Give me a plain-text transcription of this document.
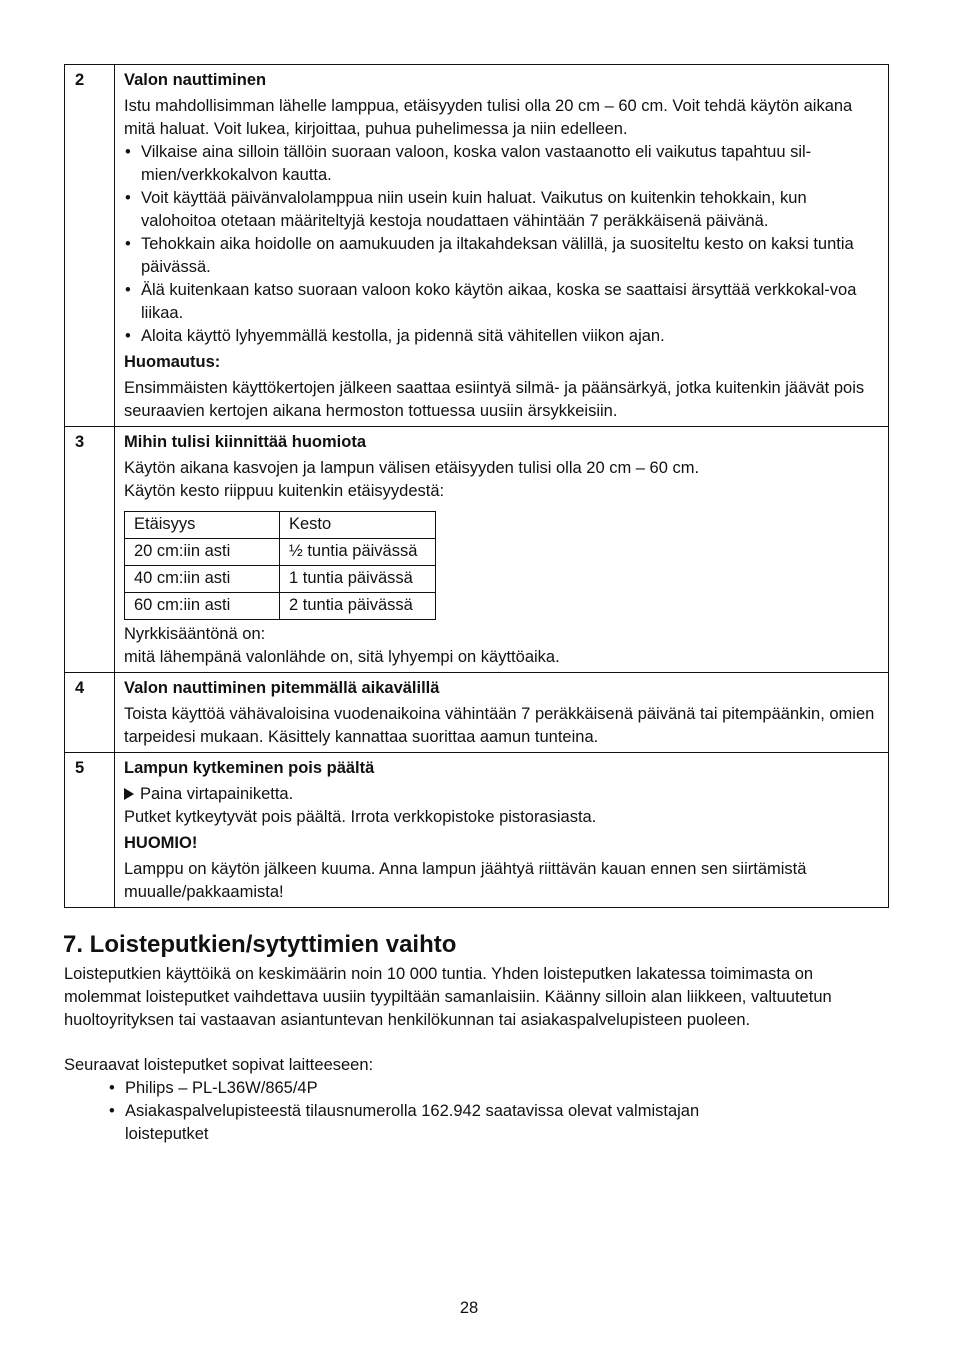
2	Valon nauttiminen

Istu mahdollisimman lähelle lamppua, etäisyyden tulisi olla 20 cm – 60 cm. Voit tehdä käytön aikana mitä haluat. Voit lukea, kirjoittaa, puhua puhelimessa ja niin edelleen.

• Vilkaise aina silloin tällöin suoraan valoon, koska valon vastaanotto eli vaikutus tapahtuu sil-mien/verkkokalvon kautta.
• Voit käyttää päivänvalolamppua niin usein kuin haluat. Vaikutus on kuitenkin tehokkain, kun valohoitoa otetaan määriteltyjä kestoja noudattaen vähintään 7 peräkkäisenä päivänä.
• Tehokkain aika hoidolle on aamukuuden ja iltakahdeksan välillä, ja suositeltu kesto on kaksi tuntia päivässä.
• Älä kuitenkaan katso suoraan valoon koko käytön aikaa, koska se saattaisi ärsyttää verkkokal-voa liikaa.
• Aloita käyttö lyhyemmällä kestolla, ja pidennä sitä vähitellen viikon ajan.
Huomautus:

Ensimmäisten käyttökertojen jälkeen saattaa esiintyä silmä- ja päänsärkyä, jotka kuitenkin jäävät pois seuraavien kertojen aikana hermoston tottuessa uusiin ärsykkeisiin.

3	Mihin tulisi kiinnittää huomiota

Käytön aikana kasvojen ja lampun välisen etäisyyden tulisi olla 20 cm – 60 cm.

Käytön kesto riippuu kuitenkin etäisyydestä:

Etäisyys	Kesto
20 cm:iin asti	½ tuntia päivässä
40 cm:iin asti	1 tuntia päivässä
60 cm:iin asti	2 tuntia päivässä

Nyrkkisääntönä on:

mitä lähempänä valonlähde on, sitä lyhyempi on käyttöaika.

4	Valon nauttiminen pitemmällä aikavälillä

Toista käyttöä vähävaloisina vuodenaikoina vähintään 7 peräkkäisenä päivänä tai pitempäänkin, omien tarpeidesi mukaan. Käsittely kannattaa suorittaa aamun tunteina.

5	Lampun kytkeminen pois päältä

Paina virtapainiketta.

Putket kytkeytyvät pois päältä. Irrota verkkopistoke pistorasiasta.

HUOMIO!

Lamppu on käytön jälkeen kuuma. Anna lampun jäähtyä riittävän kauan ennen sen siirtämistä muualle/pakkaamista!

7. Loisteputkien/sytyttimien vaihto

Loisteputkien käyttöikä on keskimäärin noin 10 000 tuntia. Yhden loisteputken lakatessa toimimasta on molemmat loisteputket vaihdettava uusiin tyypiltään samanlaisiin. Käänny silloin alan liikkeen, valtuutetun huoltoyrityksen tai vastaavan asiantuntevan henkilökunnan tai asiakaspalvelupisteen puoleen.

Seuraavat loisteputket sopivat laitteeseen:

• Philips – PL-L36W/865/4P
• Asiakaspalvelupisteestä tilausnumerolla 162.942 saatavissa olevat valmistajan loisteputket
28
